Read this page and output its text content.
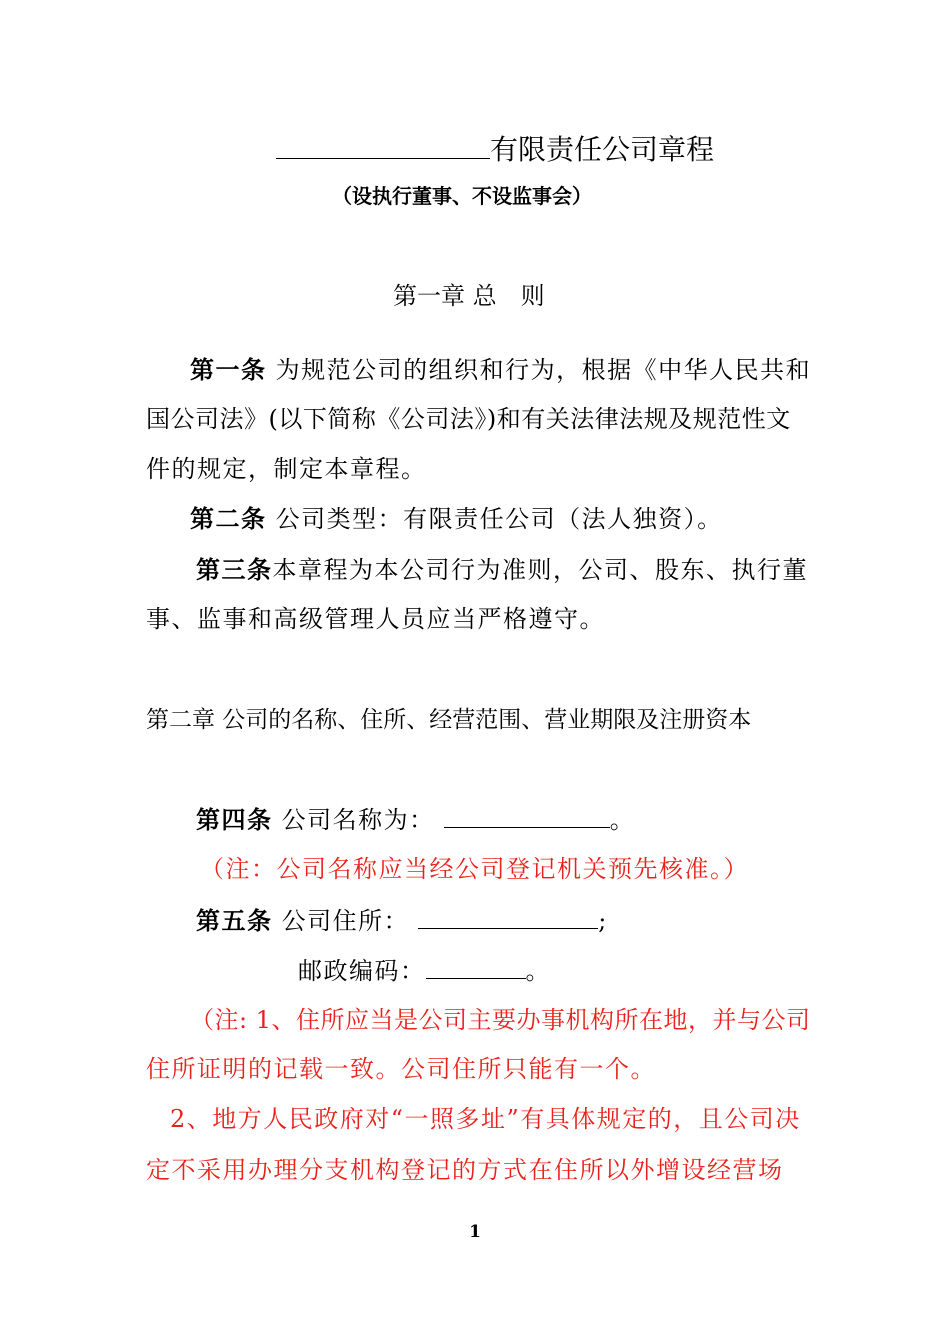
有限责任公司章程
（设执行董事、不设监事会）
第一章 总　则
第一条 为规范公司的组织和行为，根据《中华人民共和
国公司法》(以下简称《公司法》)和有关法律法规及规范性文
件的规定，制定本章程。
第二条 公司类型：有限责任公司（法人独资）。
第三条本章程为本公司行为准则，公司、股东、执行董
事、监事和高级管理人员应当严格遵守。
第二章 公司的名称、住所、经营范围、营业期限及注册资本
第四条 公司名称为：	。
（注：公司名称应当经公司登记机关预先核准。）
第五条 公司住所：	;
邮政编码：	。
（注: 1、住所应当是公司主要办事机构所在地，并与公司
住所证明的记载一致。公司住所只能有一个。
2、地方人民政府对“一照多址”有具体规定的，且公司决
定不采用办理分支机构登记的方式在住所以外增设经营场
1
